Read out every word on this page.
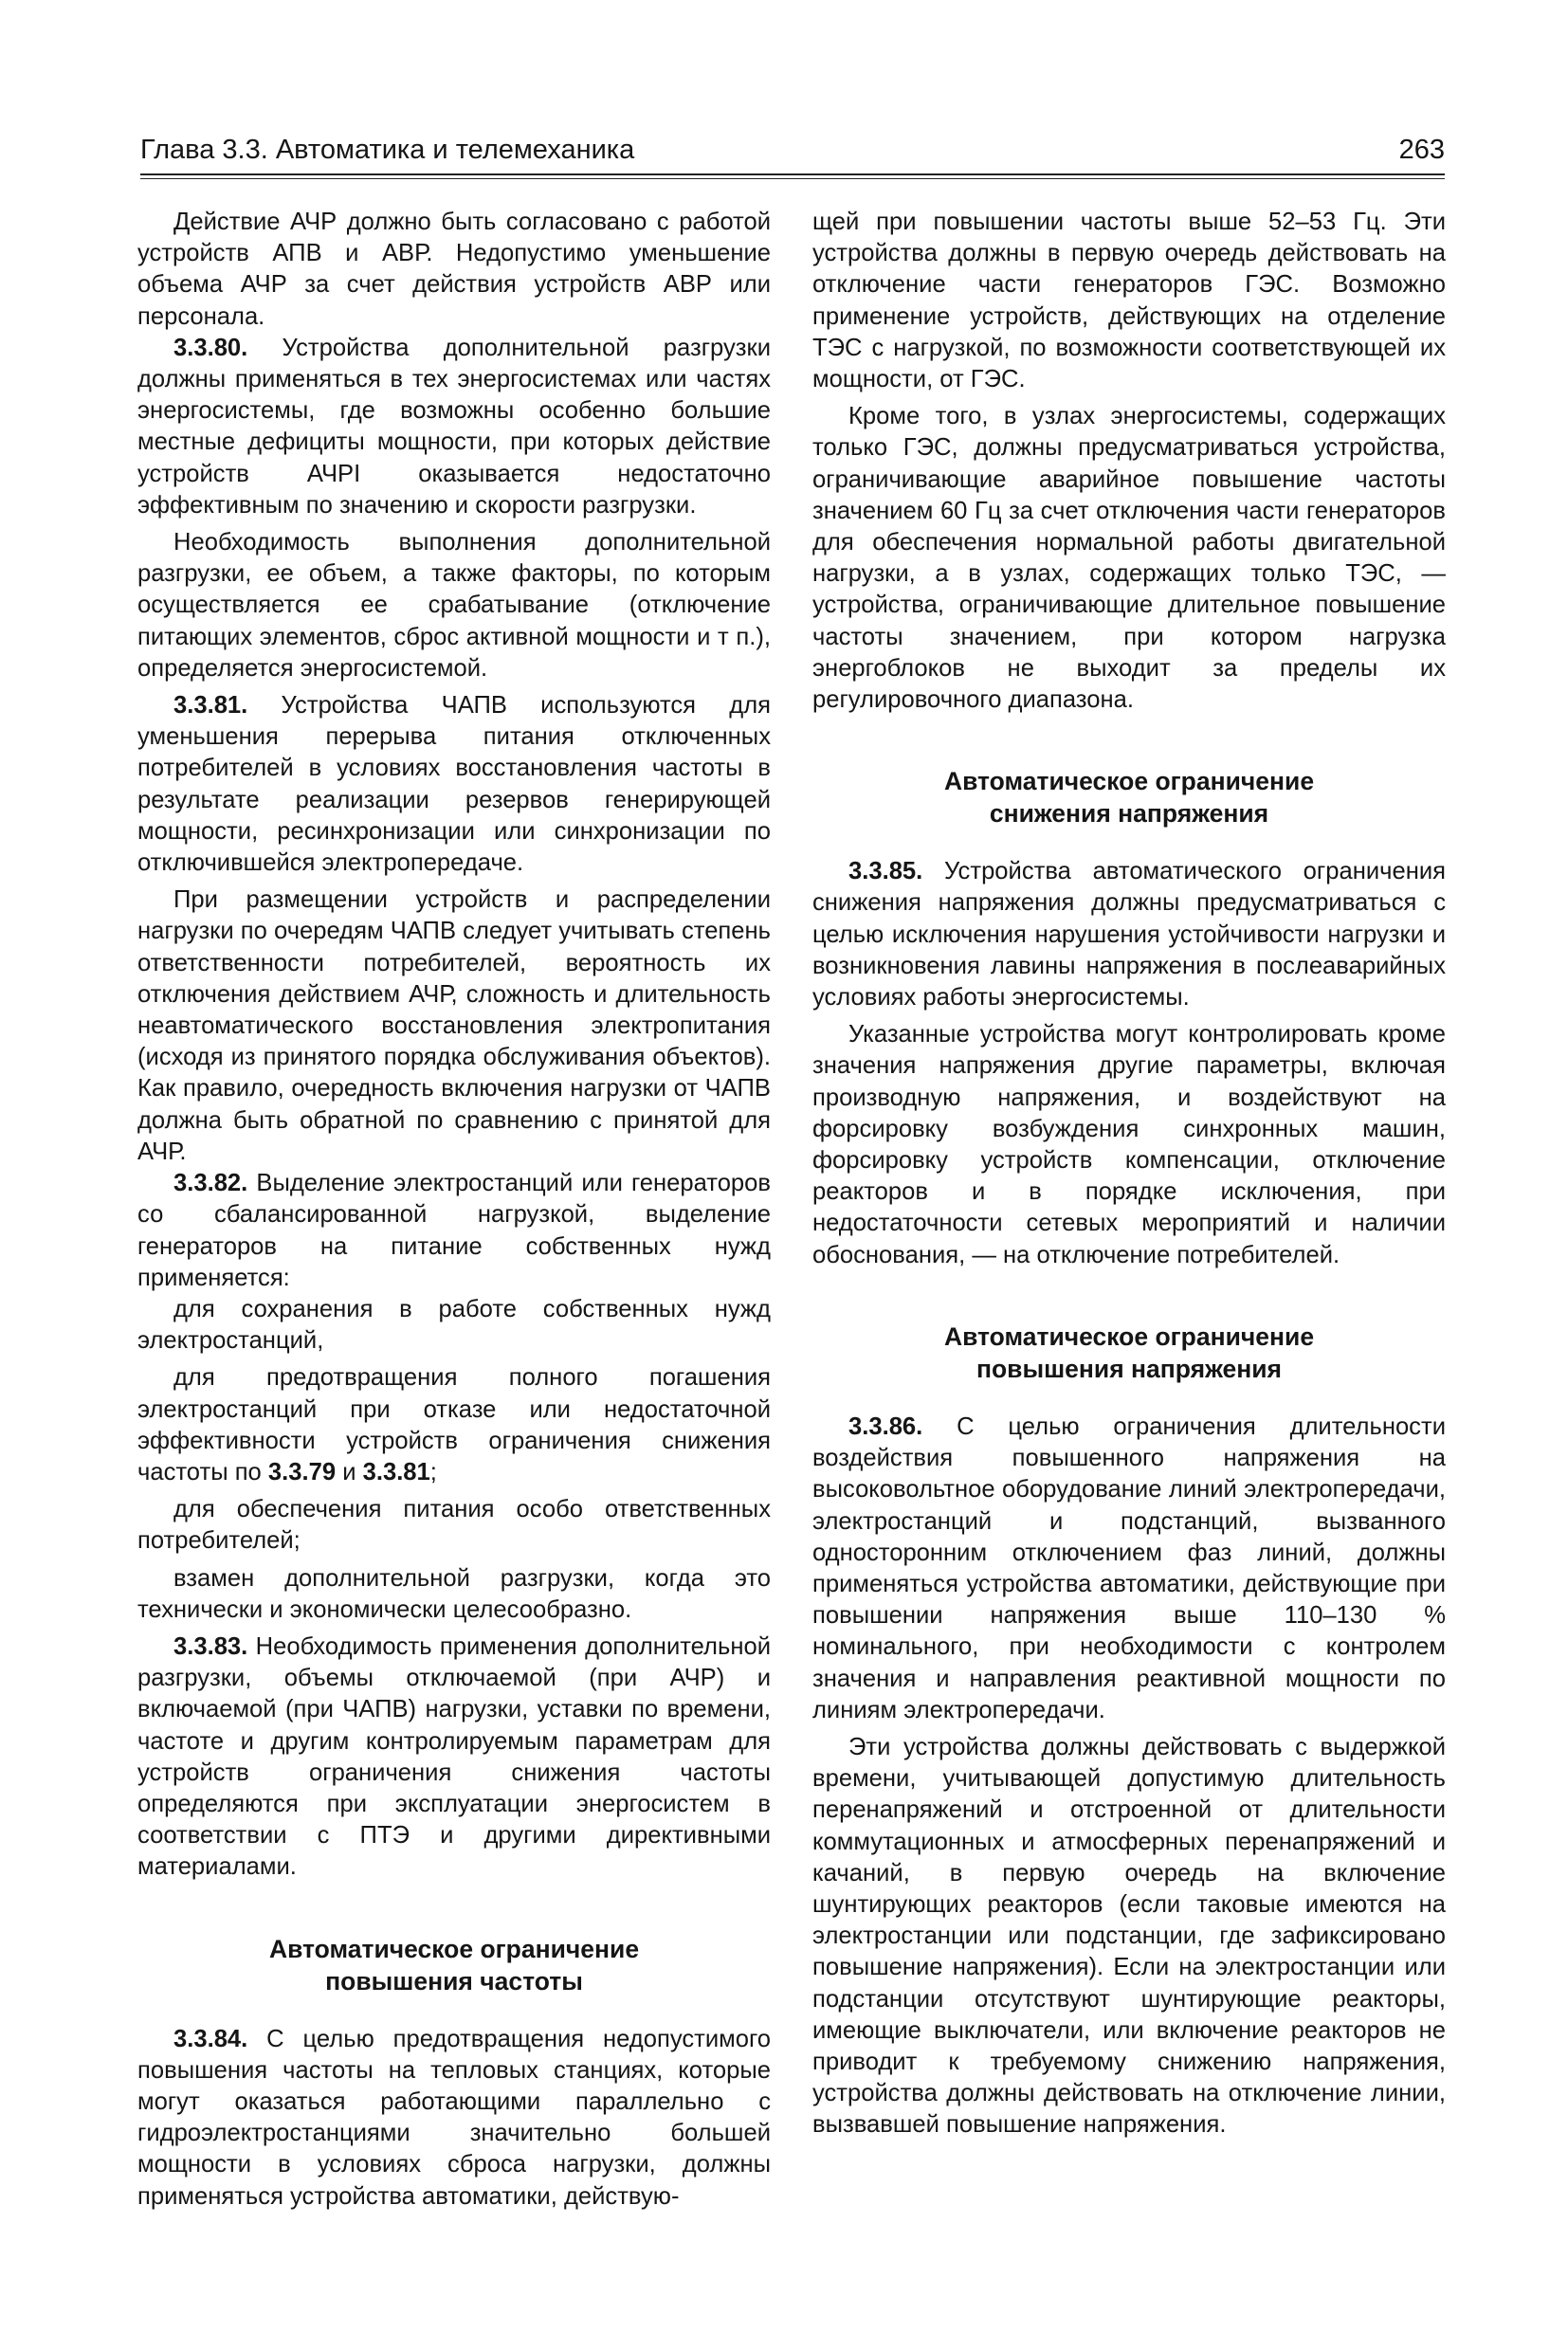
Глава 3.3. Автоматика и телемеханика	263

Действие АЧР должно быть согласовано с работой устройств АПВ и АВР. Недопустимо уменьшение объема АЧР за счет действия устройств АВР или персонала.

3.3.80. Устройства дополнительной разгрузки должны применяться в тех энергосистемах или частях энергосистемы, где возможны особенно большие местные дефициты мощности, при которых действие устройств АЧРІ оказывается недостаточно эффективным по значению и скорости разгрузки.

Необходимость выполнения дополнительной разгрузки, ее объем, а также факторы, по которым осуществляется ее срабатывание (отключение питающих элементов, сброс активной мощности и т п.), определяется энергосистемой.

3.3.81. Устройства ЧАПВ используются для уменьшения перерыва питания отключенных потребителей в условиях восстановления частоты в результате реализации резервов генерирующей мощности, ресинхронизации или синхронизации по отключившейся электропередаче.

При размещении устройств и распределении нагрузки по очередям ЧАПВ следует учитывать степень ответственности потребителей, вероятность их отключения действием АЧР, сложность и длительность неавтоматического восстановления электропитания (исходя из принятого порядка обслуживания объектов). Как правило, очередность включения нагрузки от ЧАПВ должна быть обратной по сравнению с принятой для АЧР.

3.3.82. Выделение электростанций или генераторов со сбалансированной нагрузкой, выделение генераторов на питание собственных нужд применяется:

для сохранения в работе собственных нужд электростанций,

для предотвращения полного погашения электростанций при отказе или недостаточной эффективности устройств ограничения снижения частоты по 3.3.79 и 3.3.81;

для обеспечения питания особо ответственных потребителей;

взамен дополнительной разгрузки, когда это технически и экономически целесообразно.

3.3.83. Необходимость применения дополнительной разгрузки, объемы отключаемой (при АЧР) и включаемой (при ЧАПВ) нагрузки, уставки по времени, частоте и другим контролируемым параметрам для устройств ограничения снижения частоты определяются при эксплуатации энергосистем в соответствии с ПТЭ и другими директивными материалами.

Автоматическое ограничение
повышения частоты

3.3.84. С целью предотвращения недопустимого повышения частоты на тепловых станциях, которые могут оказаться работающими параллельно с гидроэлектростанциями значительно большей мощности в условиях сброса нагрузки, должны применяться устройства автоматики, действую-

щей при повышении частоты выше 52–53 Гц. Эти устройства должны в первую очередь действовать на отключение части генераторов ГЭС. Возможно применение устройств, действующих на отделение ТЭС с нагрузкой, по возможности соответствующей их мощности, от ГЭС.

Кроме того, в узлах энергосистемы, содержащих только ГЭС, должны предусматриваться устройства, ограничивающие аварийное повышение частоты значением 60 Гц за счет отключения части генераторов для обеспечения нормальной работы двигательной нагрузки, а в узлах, содержащих только ТЭС, — устройства, ограничивающие длительное повышение частоты значением, при котором нагрузка энергоблоков не выходит за пределы их регулировочного диапазона.

Автоматическое ограничение
снижения напряжения

3.3.85. Устройства автоматического ограничения снижения напряжения должны предусматриваться с целью исключения нарушения устойчивости нагрузки и возникновения лавины напряжения в послеаварийных условиях работы энергосистемы.

Указанные устройства могут контролировать кроме значения напряжения другие параметры, включая производную напряжения, и воздействуют на форсировку возбуждения синхронных машин, форсировку устройств компенсации, отключение реакторов и в порядке исключения, при недостаточности сетевых мероприятий и наличии обоснования, — на отключение потребителей.

Автоматическое ограничение
повышения напряжения

3.3.86. С целью ограничения длительности воздействия повышенного напряжения на высоковольтное оборудование линий электропередачи, электростанций и подстанций, вызванного односторонним отключением фаз линий, должны применяться устройства автоматики, действующие при повышении напряжения выше 110–130 % номинального, при необходимости с контролем значения и направления реактивной мощности по линиям электропередачи.

Эти устройства должны действовать с выдержкой времени, учитывающей допустимую длительность перенапряжений и отстроенной от длительности коммутационных и атмосферных перенапряжений и качаний, в первую очередь на включение шунтирующих реакторов (если таковые имеются на электростанции или подстанции, где зафиксировано повышение напряжения). Если на электростанции или подстанции отсутствуют шунтирующие реакторы, имеющие выключатели, или включение реакторов не приводит к требуемому снижению напряжения, устройства должны действовать на отключение линии, вызвавшей повышение напряжения.
